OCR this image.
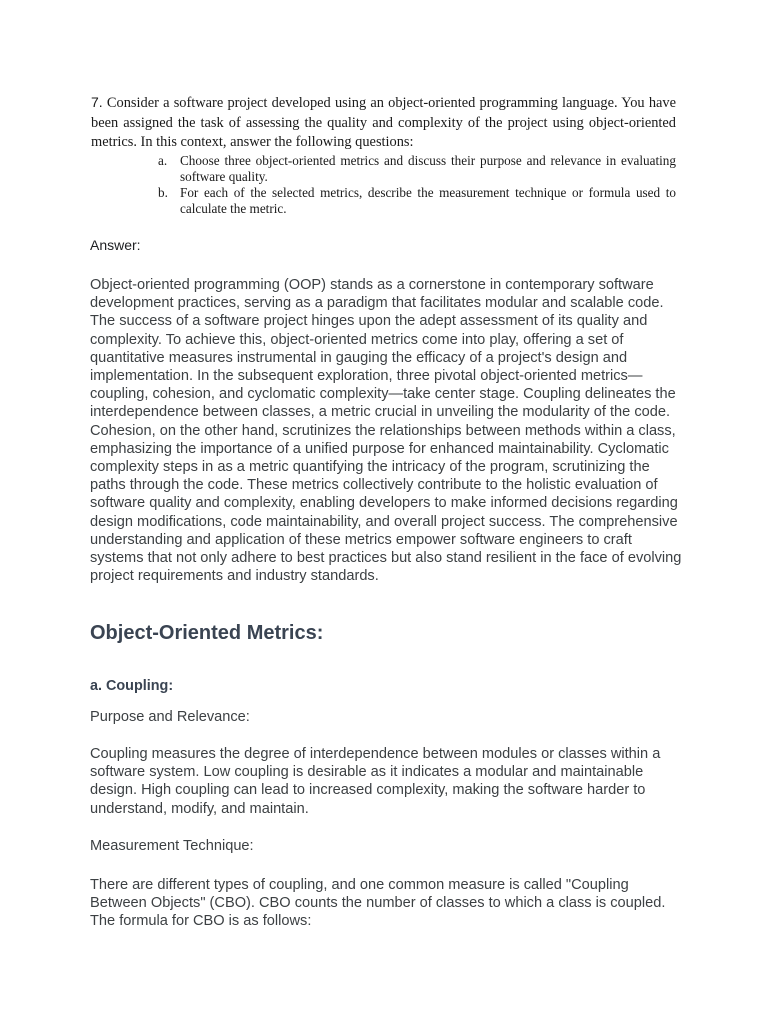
7. Consider a software project developed using an object-oriented programming language. You have been assigned the task of assessing the quality and complexity of the project using object-oriented metrics. In this context, answer the following questions:

a. Choose three object-oriented metrics and discuss their purpose and relevance in evaluating software quality.
b. For each of the selected metrics, describe the measurement technique or formula used to calculate the metric.

Answer:

Object-oriented programming (OOP) stands as a cornerstone in contemporary software development practices, serving as a paradigm that facilitates modular and scalable code. The success of a software project hinges upon the adept assessment of its quality and complexity. To achieve this, object-oriented metrics come into play, offering a set of quantitative measures instrumental in gauging the efficacy of a project's design and implementation. In the subsequent exploration, three pivotal object-oriented metrics—coupling, cohesion, and cyclomatic complexity—take center stage. Coupling delineates the interdependence between classes, a metric crucial in unveiling the modularity of the code. Cohesion, on the other hand, scrutinizes the relationships between methods within a class, emphasizing the importance of a unified purpose for enhanced maintainability. Cyclomatic complexity steps in as a metric quantifying the intricacy of the program, scrutinizing the paths through the code. These metrics collectively contribute to the holistic evaluation of software quality and complexity, enabling developers to make informed decisions regarding design modifications, code maintainability, and overall project success. The comprehensive understanding and application of these metrics empower software engineers to craft systems that not only adhere to best practices but also stand resilient in the face of evolving project requirements and industry standards.

Object-Oriented Metrics:
a. Coupling:

Purpose and Relevance:

Coupling measures the degree of interdependence between modules or classes within a software system. Low coupling is desirable as it indicates a modular and maintainable design. High coupling can lead to increased complexity, making the software harder to understand, modify, and maintain.

Measurement Technique:

There are different types of coupling, and one common measure is called "Coupling Between Objects" (CBO). CBO counts the number of classes to which a class is coupled. The formula for CBO is as follows:
